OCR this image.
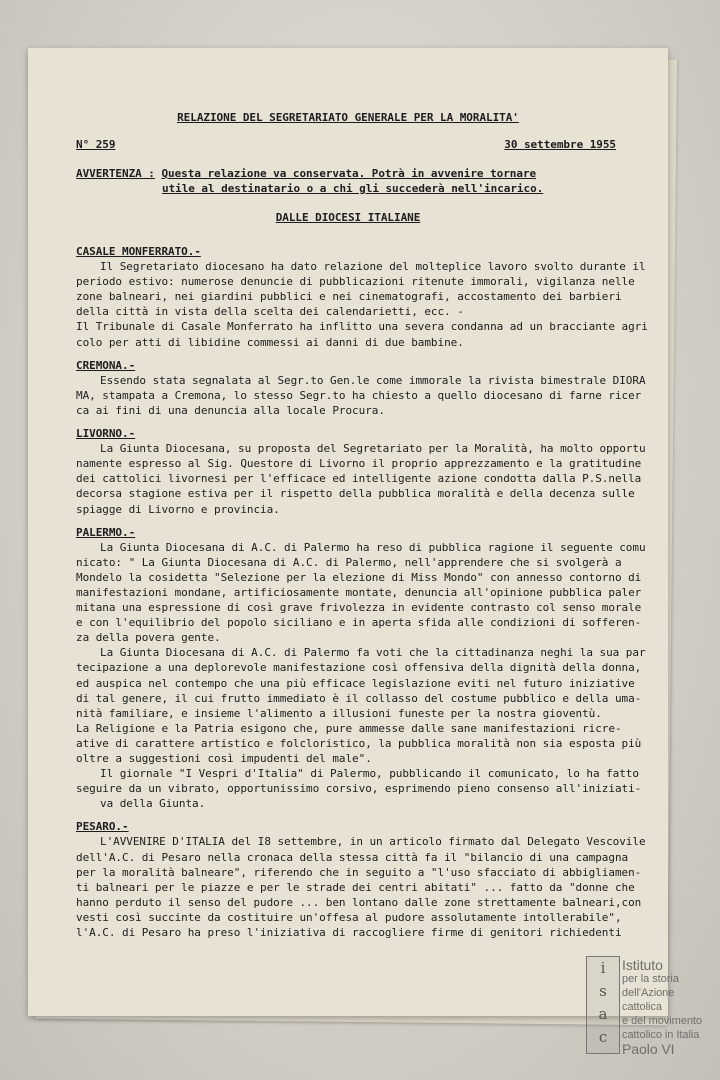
RELAZIONE DEL SEGRETARIATO GENERALE PER LA MORALITA'
N° 259	30 settembre 1955
AVVERTENZA : Questa relazione va conservata. Potrà in avvenire tornare
utile al destinatario o a chi gli succederà nell'incarico.
DALLE DIOCESI ITALIANE
CASALE MONFERRATO.-
Il Segretariato diocesano ha dato relazione del molteplice lavoro svolto durante il
periodo estivo: numerose denuncie di pubblicazioni ritenute immorali, vigilanza nelle
zone balneari, nei giardini pubblici e nei cinematografi, accostamento dei barbieri
della città in vista della scelta dei calendarietti, ecc. -
Il Tribunale di Casale Monferrato ha inflitto una severa condanna ad un bracciante agri
colo per atti di libidine commessi ai danni di due bambine.
CREMONA.-
Essendo stata segnalata al Segr.to Gen.le come immorale la rivista bimestrale DIORA
MA, stampata a Cremona, lo stesso Segr.to ha chiesto a quello diocesano di farne ricer
ca ai fini di una denuncia alla locale Procura.
LIVORNO.-
La Giunta Diocesana, su proposta del Segretariato per la Moralità, ha molto opportu
namente espresso al Sig. Questore di Livorno il proprio apprezzamento e la gratitudine
dei cattolici livornesi per l'efficace ed intelligente azione condotta dalla P.S.nella
decorsa stagione estiva per il rispetto della pubblica moralità e della decenza sulle
spiagge di Livorno e provincia.
PALERMO.-
La Giunta Diocesana di A.C. di Palermo ha reso di pubblica ragione il seguente comu
nicato: " La Giunta Diocesana di A.C. di Palermo, nell'apprendere che si svolgerà a
Mondelo la cosidetta "Selezione per la elezione di Miss Mondo" con annesso contorno di
manifestazioni mondane, artificiosamente montate, denuncia all'opinione pubblica paler
mitana una espressione di così grave frivolezza in evidente contrasto col senso morale
e con l'equilibrio del popolo siciliano e in aperta sfida alle condizioni di sofferen-
za della povera gente.
La Giunta Diocesana di A.C. di Palermo fa voti che la cittadinanza neghi la sua par
tecipazione a una deplorevole manifestazione così offensiva della dignità della donna,
ed auspica nel contempo che una più efficace legislazione eviti nel futuro iniziative
di tal genere, il cui frutto immediato è il collasso del costume pubblico e della uma-
nità familiare, e insieme l'alimento a illusioni funeste per la nostra gioventù.
La Religione e la Patria esigono che, pure ammesse dalle sane manifestazioni ricre-
ative di carattere artistico e folcloristico, la pubblica moralità non sia esposta più
oltre a suggestioni così impudenti del male".
Il giornale "I Vespri d'Italia" di Palermo, pubblicando il comunicato, lo ha fatto
seguire da un vibrato, opportunissimo corsivo, esprimendo pieno consenso all'iniziati-
va della Giunta.
PESARO.-
L'AVVENIRE D'ITALIA del I8 settembre, in un articolo firmato dal Delegato Vescovile
dell'A.C. di Pesaro nella cronaca della stessa città fa il "bilancio di una campagna
per la moralità balneare", riferendo che in seguito a "l'uso sfacciato di abbigliamen-
ti balneari per le piazze e per le strade dei centri abitati" ... fatto da "donne che
hanno perduto il senso del pudore ... ben lontano dalle zone strettamente balneari,con
vesti così succinte da costituire un'offesa al pudore assolutamente intollerabile",
l'A.C. di Pesaro ha preso l'iniziativa di raccogliere firme di genitori richiedenti
i
s
a
c
Istituto
per la storia
dell'Azione cattolica
e del movimento
cattolico in Italia
Paolo VI
